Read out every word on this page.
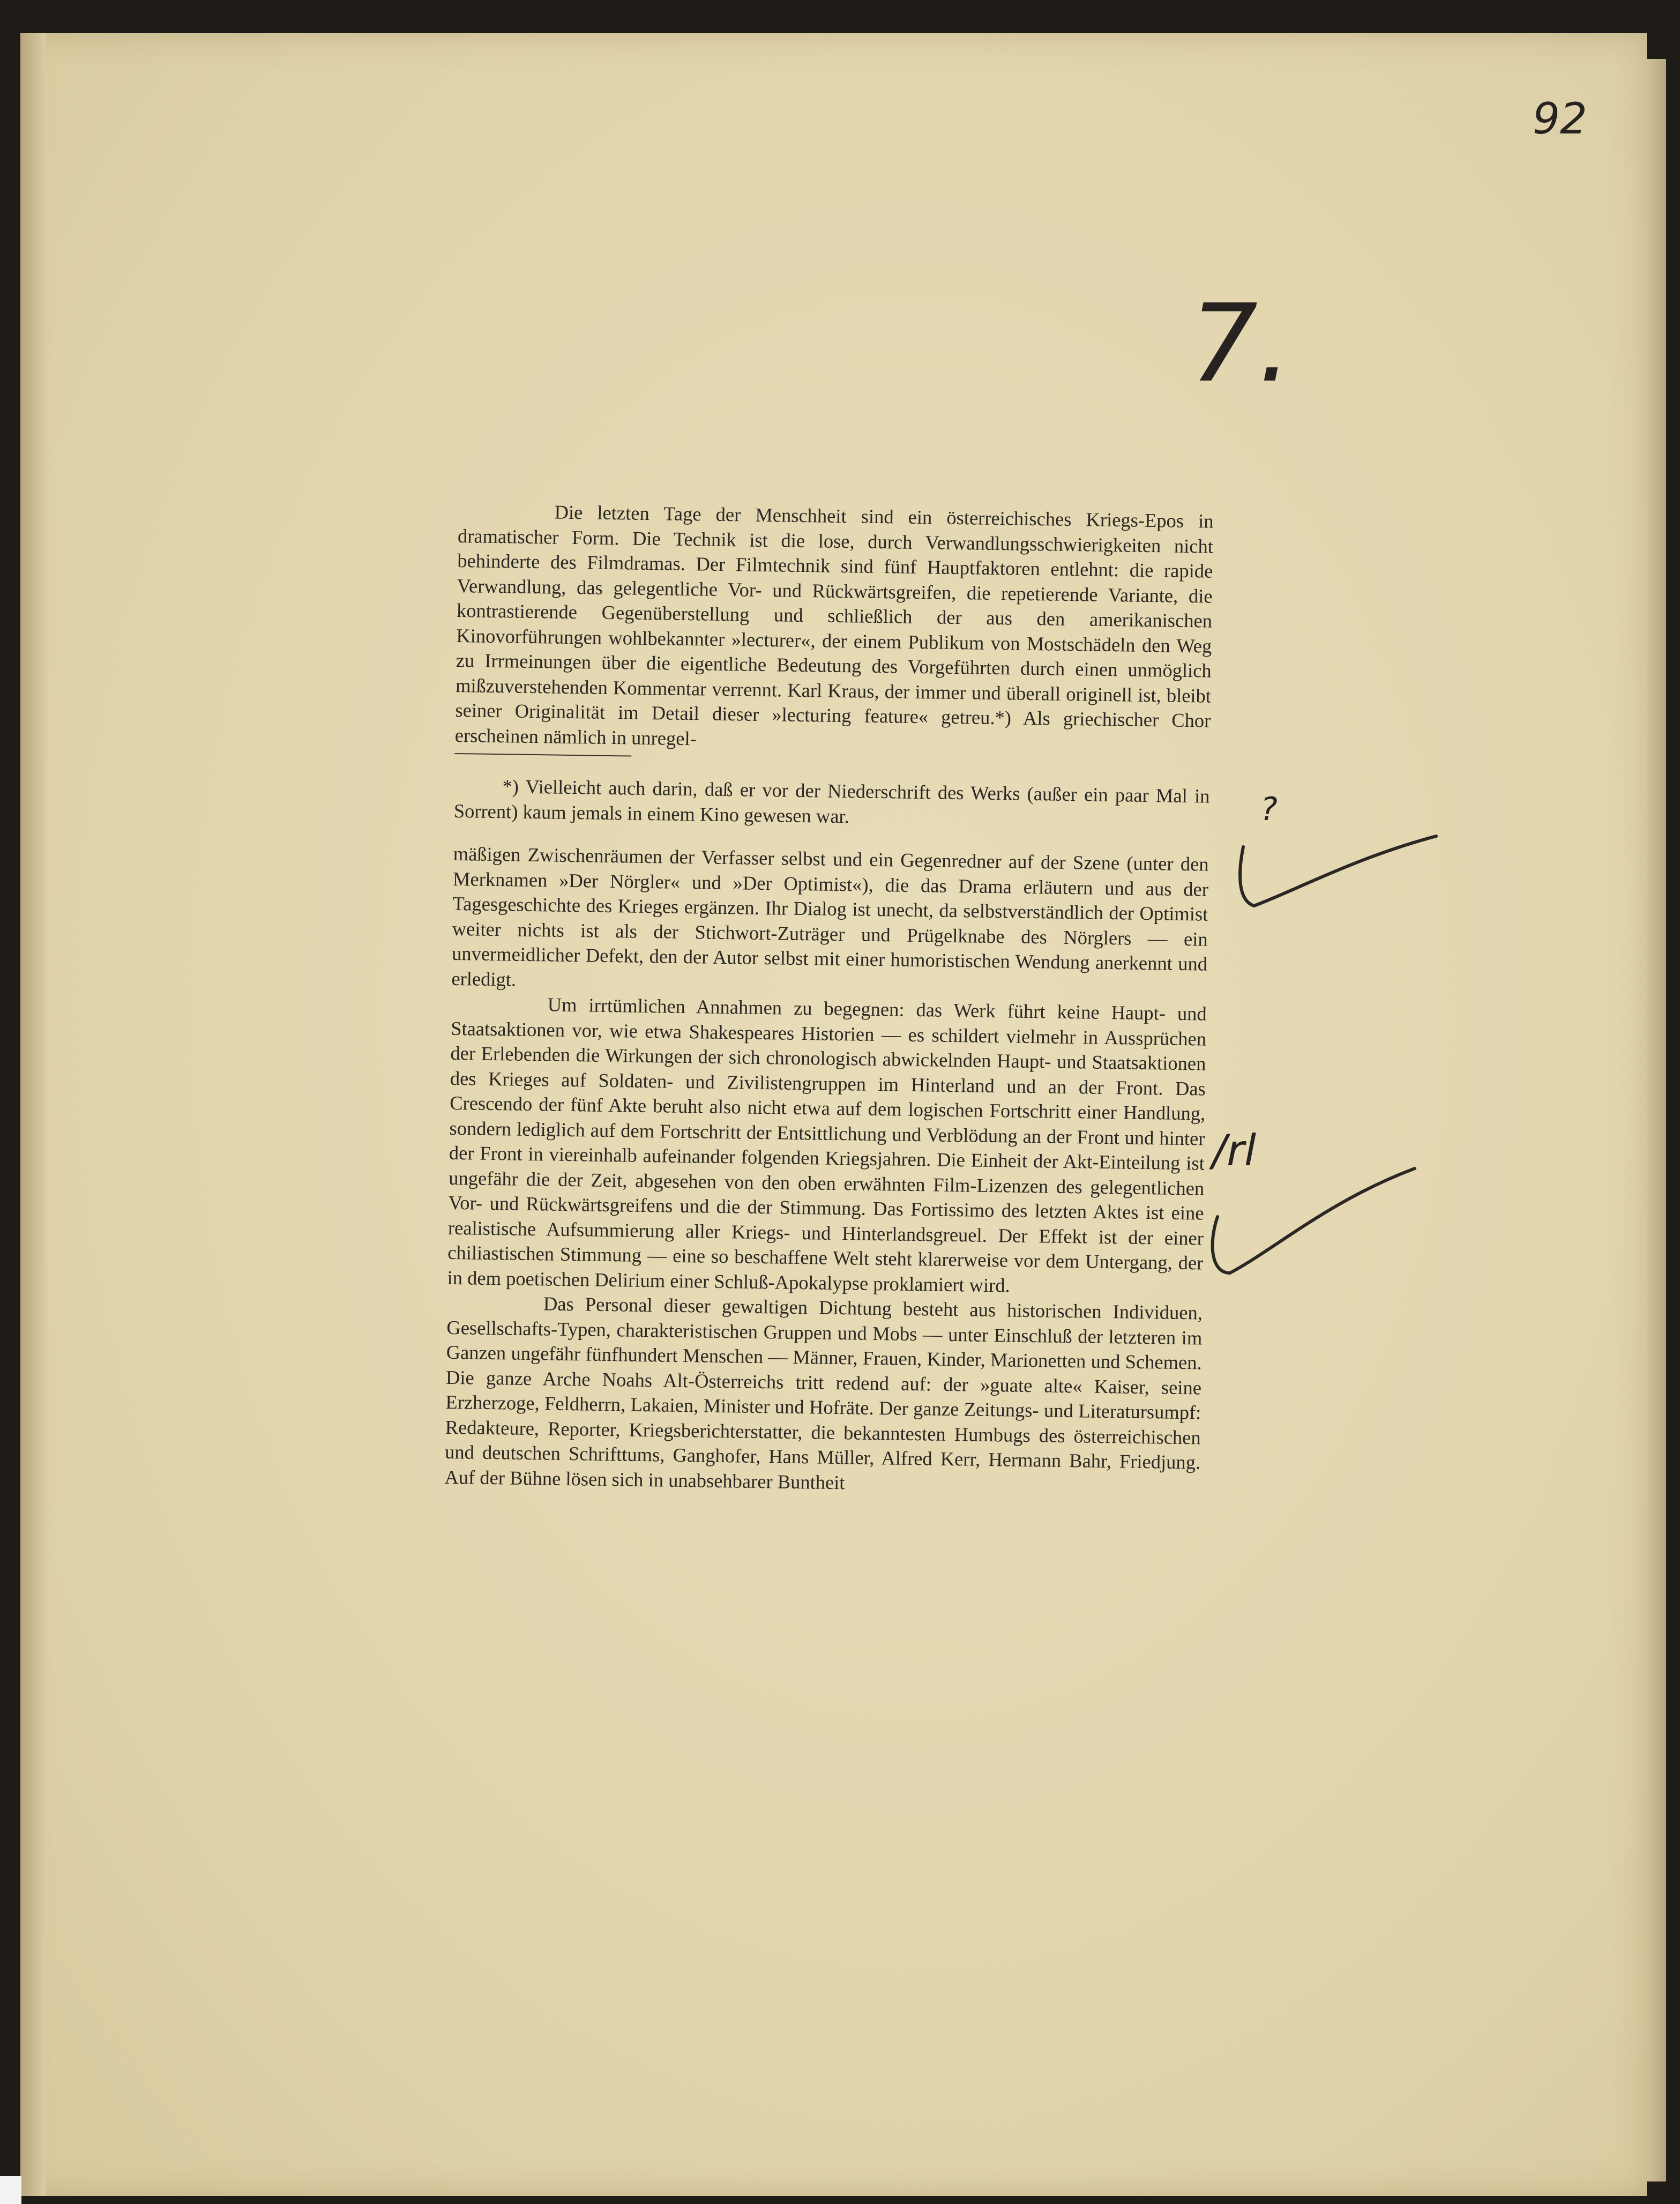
92
7.
?
/rl

Die letzten Tage der Menschheit sind ein österreichisches Kriegs-Epos in dramatischer Form. Die Technik ist die lose, durch Verwandlungsschwierigkeiten nicht behinderte des Filmdramas. Der Filmtechnik sind fünf Hauptfaktoren entlehnt: die rapide Verwandlung, das gelegentliche Vor- und Rückwärtsgreifen, die repetierende Variante, die kontrastierende Gegenüberstellung und schließlich der aus den amerikanischen Kinovorführungen wohlbekannter »lecturer«, der einem Publikum von Mostschädeln den Weg zu Irrmeinungen über die eigentliche Bedeutung des Vorgeführten durch einen unmöglich mißzuverstehenden Kommentar verrennt. Karl Kraus, der immer und überall originell ist, bleibt seiner Originalität im Detail dieser »lecturing feature« getreu.*) Als griechischer Chor erscheinen nämlich in unregel-

*) Vielleicht auch darin, daß er vor der Niederschrift des Werks (außer ein paar Mal in Sorrent) kaum jemals in einem Kino gewesen war.

mäßigen Zwischenräumen der Verfasser selbst und ein Gegenredner auf der Szene (unter den Merknamen »Der Nörgler« und »Der Optimist«), die das Drama erläutern und aus der Tagesgeschichte des Krieges ergänzen. Ihr Dialog ist unecht, da selbstverständlich der Optimist weiter nichts ist als der Stichwort-Zuträger und Prügelknabe des Nörglers — ein unvermeidlicher Defekt, den der Autor selbst mit einer humoristischen Wendung anerkennt und erledigt.

Um irrtümlichen Annahmen zu begegnen: das Werk führt keine Haupt- und Staatsaktionen vor, wie etwa Shakespeares Historien — es schildert vielmehr in Aussprüchen der Erlebenden die Wirkungen der sich chronologisch abwickelnden Haupt- und Staatsaktionen des Krieges auf Soldaten- und Zivilistengruppen im Hinterland und an der Front. Das Crescendo der fünf Akte beruht also nicht etwa auf dem logischen Fortschritt einer Handlung, sondern lediglich auf dem Fortschritt der Entsittlichung und Verblödung an der Front und hinter der Front in viereinhalb aufeinander folgenden Kriegsjahren. Die Einheit der Akt-Einteilung ist ungefähr die der Zeit, abgesehen von den oben erwähnten Film-Lizenzen des gelegentlichen Vor- und Rückwärtsgreifens und die der Stimmung. Das Fortissimo des letzten Aktes ist eine realistische Aufsummierung aller Kriegs- und Hinterlandsgreuel. Der Effekt ist der einer chiliastischen Stimmung — eine so beschaffene Welt steht klarerweise vor dem Untergang, der in dem poetischen Delirium einer Schluß-Apokalypse proklamiert wird.

Das Personal dieser gewaltigen Dichtung besteht aus historischen Individuen, Gesellschafts-Typen, charakteristischen Gruppen und Mobs — unter Einschluß der letzteren im Ganzen ungefähr fünfhundert Menschen — Männer, Frauen, Kinder, Marionetten und Schemen. Die ganze Arche Noahs Alt-Österreichs tritt redend auf: der »guate alte« Kaiser, seine Erzherzoge, Feldherrn, Lakaien, Minister und Hofräte. Der ganze Zeitungs- und Literatursumpf: Redakteure, Reporter, Kriegsberichterstatter, die bekanntesten Humbugs des österreichischen und deutschen Schrifttums, Ganghofer, Hans Müller, Alfred Kerr, Hermann Bahr, Friedjung. Auf der Bühne lösen sich in unabsehbarer Buntheit
